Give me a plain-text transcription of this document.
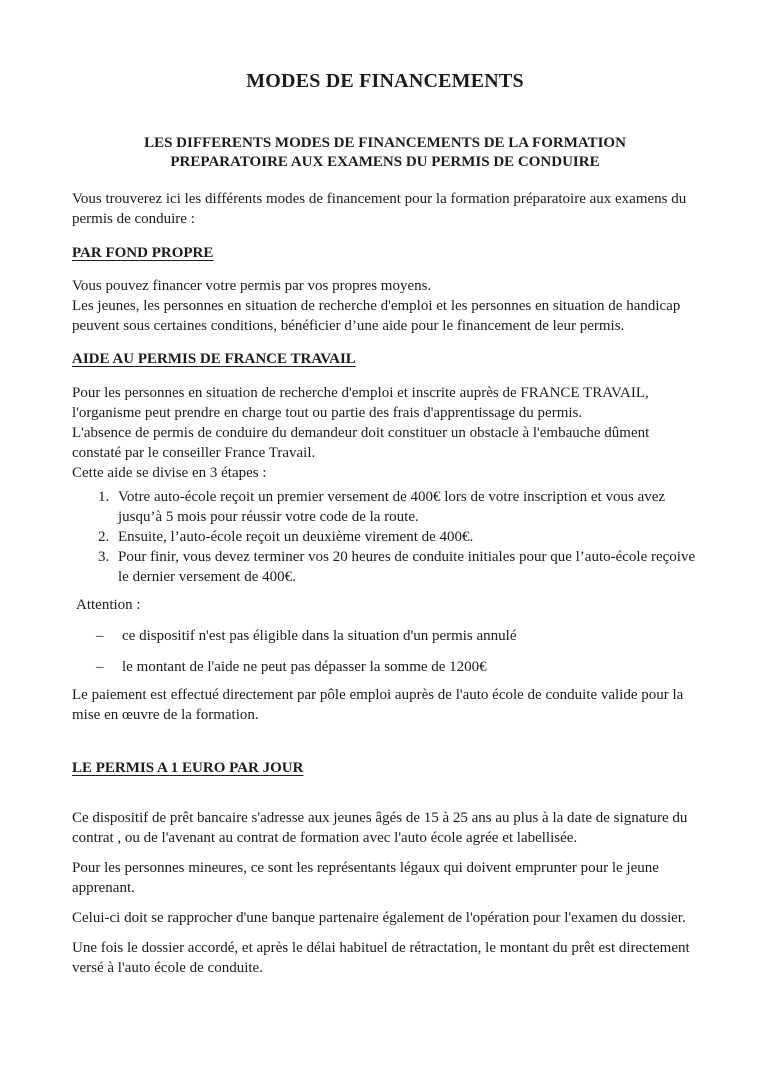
MODES DE FINANCEMENTS
LES DIFFERENTS MODES DE FINANCEMENTS DE LA FORMATION
PREPARATOIRE AUX EXAMENS DU PERMIS DE CONDUIRE

Vous trouverez ici les différents modes de financement pour la formation préparatoire aux examens du permis de conduire :

PAR FOND PROPRE
Vous pouvez financer votre permis par vos propres moyens.
Les jeunes, les personnes en situation de recherche d'emploi et les personnes en situation de handicap peuvent sous certaines conditions, bénéficier d’une aide pour le financement de leur permis.
AIDE AU PERMIS DE FRANCE TRAVAIL
Pour les personnes en situation de recherche d'emploi et inscrite auprès de FRANCE TRAVAIL, l'organisme peut prendre en charge tout ou partie des frais d'apprentissage du permis.
L'absence de permis de conduire du demandeur doit constituer un obstacle à l'embauche dûment constaté par le conseiller France Travail.
Cette aide se divise en 3 étapes :
1. Votre auto-école reçoit un premier versement de 400€ lors de votre inscription et vous avez jusqu’à 5 mois pour réussir votre code de la route.
2. Ensuite, l’auto-école reçoit un deuxième virement de 400€.
3. Pour finir, vous devez terminer vos 20 heures de conduite initiales pour que l’auto-école reçoive le dernier versement de 400€.

Attention :

–	ce dispositif n'est pas éligible dans la situation d'un permis annulé
–	le montant de l'aide ne peut pas dépasser la somme de 1200€

Le paiement est effectué directement par pôle emploi auprès de l'auto école de conduite valide pour la mise en œuvre de la formation.

LE PERMIS A 1 EURO PAR JOUR

Ce dispositif de prêt bancaire s'adresse aux jeunes âgés de 15 à 25 ans au plus à la date de signature du contrat , ou de l'avenant au contrat de formation avec l'auto école agrée et labellisée.

Pour les personnes mineures, ce sont les représentants légaux qui doivent emprunter pour le jeune apprenant.

Celui-ci doit se rapprocher d'une banque partenaire également de l'opération pour l'examen du dossier.

Une fois le dossier accordé, et après le délai habituel de rétractation, le montant du prêt est directement versé à l'auto école de conduite.
